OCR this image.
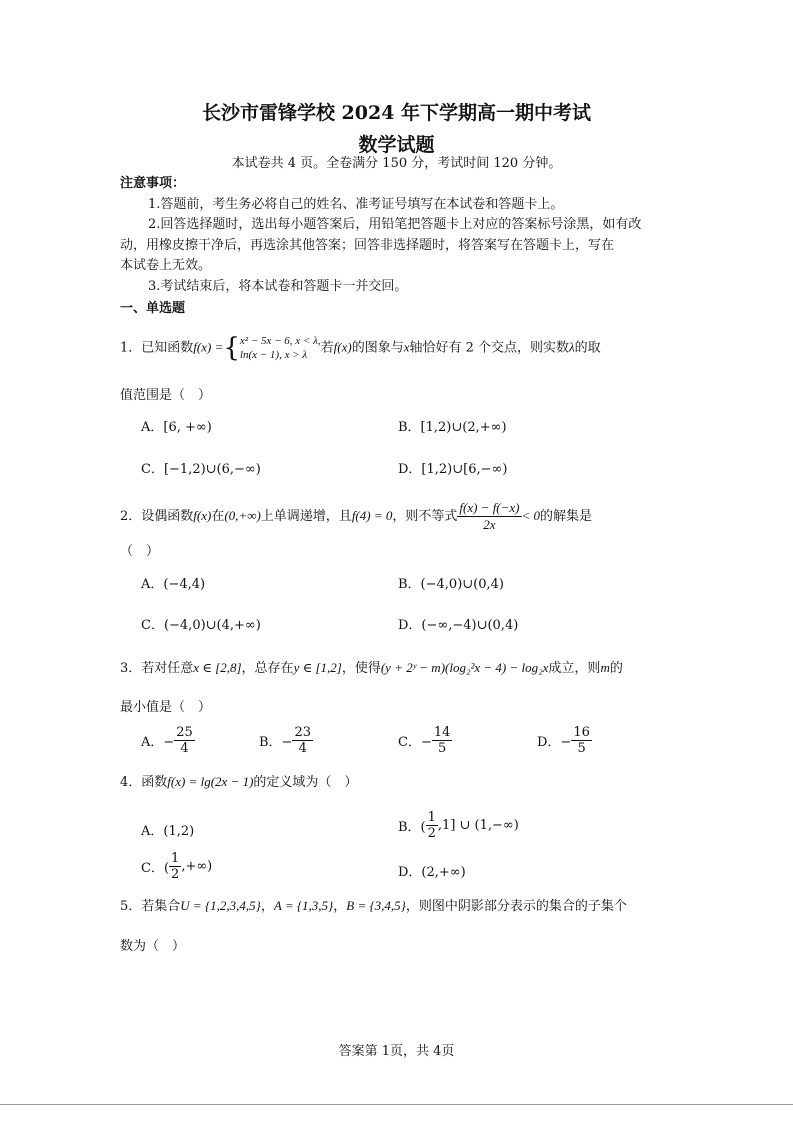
长沙市雷锋学校 2024 年下学期高一期中考试
数学试题
本试卷共 4 页。全卷满分 150 分，考试时间 120 分钟。
注意事项：
1.答题前，考生务必将自己的姓名、准考证号填写在本试卷和答题卡上。
2.回答选择题时，选出每小题答案后，用铅笔把答题卡上对应的答案标号涂黑，如有改
动，用橡皮擦干净后，再选涂其他答案；回答非选择题时，将答案写在答题卡上，写在
本试卷上无效。
3.考试结束后，将本试卷和答题卡一并交回。
一、单选题
1．已知函数f(x) ={ x² − 5x − 6, x < λ,
ln(x − 1), x > λ	若f(x)的图象与x轴恰好有 2 个交点，则实数λ的取
值范围是（　）
A．[6, +∞)	B．[1,2)∪(2,+∞)
C．[−1,2)∪(6,−∞)	D．[1,2)∪[6,−∞)
2．设偶函数f(x)在(0,+∞)上单调递增，且f(4) = 0，则不等式 $\frac{f(x) - f(-x)}{2x} < 0$的解集是
（　）
A．(−4,4)	B．(−4,0)∪(0,4)
C．(−4,0)∪(4,+∞)	D．(−∞,−4)∪(0,4)
3．若对任意x ∈ [2,8]，总存在y ∈ [1,2]，使得(y + 2ʸ − m)(log₂²x − 4) − log₂x成立，则m的
最小值是（　）
A．− $\frac{25}{4}$	B．− $\frac{23}{4}$	C．− $\frac{14}{5}$	D．− $\frac{16}{5}$
4．函数f(x) = lg(2x − 1)的定义域为（　）
A．(1,2)	B．( $\frac{1}{2} ,1$] ∪ (1,−∞)
C．( $\frac{1}{2}$ ,+∞)	D．(2,+∞)
5．若集合U = {1,2,3,4,5}，A = {1,3,5}，B = {3,4,5}，则图中阴影部分表示的集合的子集个
数为（　）
答案第 1页，共 4页
